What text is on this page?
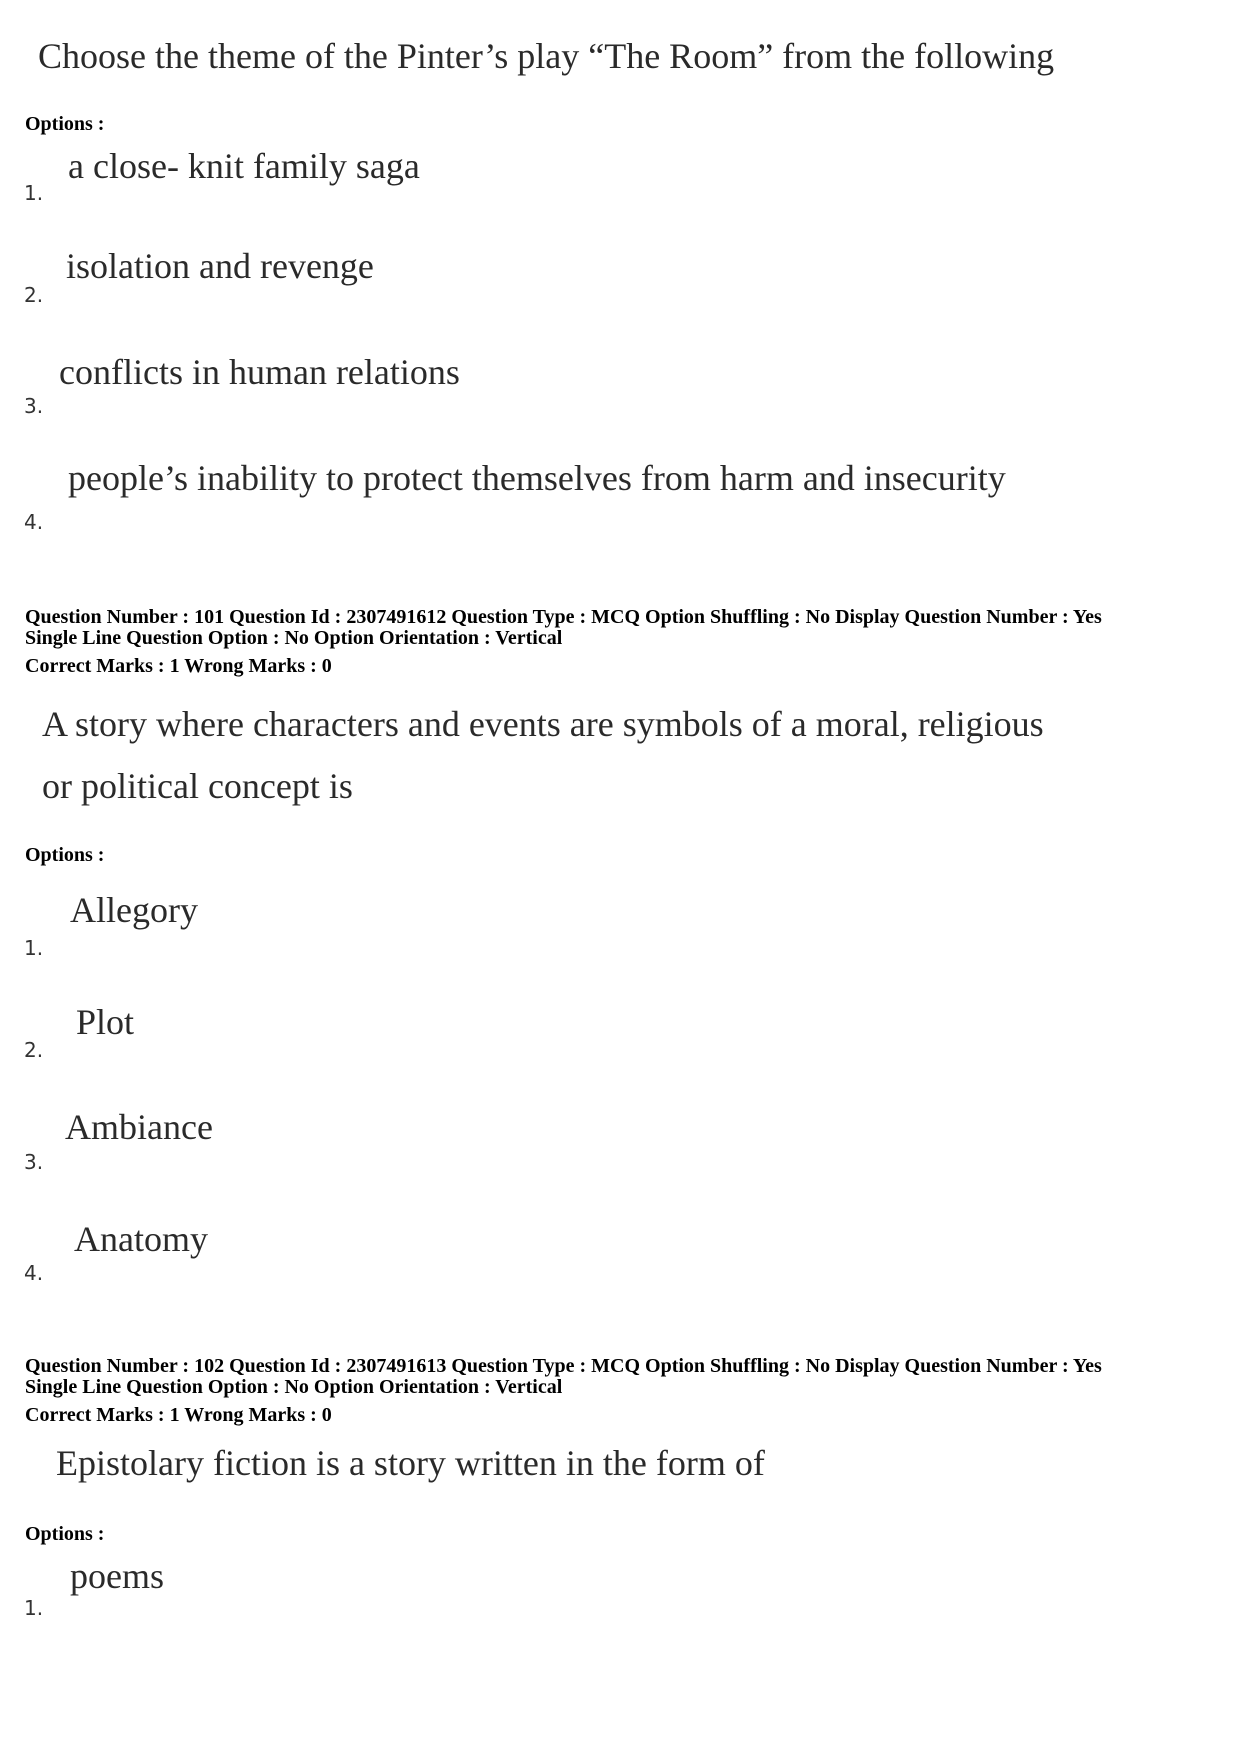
Choose the theme of the Pinter’s play “The Room” from the following
Options :
a close- knit family saga
1.
isolation and revenge
2.
conflicts in human relations
3.
people’s inability to protect themselves from harm and insecurity
4.
Question Number : 101 Question Id : 2307491612 Question Type : MCQ Option Shuffling : No Display Question Number : Yes
Single Line Question Option : No Option Orientation : Vertical
Correct Marks : 1 Wrong Marks : 0
A story where characters and events are symbols of a moral, religious
or political concept is
Options :
Allegory
1.
Plot
2.
Ambiance
3.
Anatomy
4.
Question Number : 102 Question Id : 2307491613 Question Type : MCQ Option Shuffling : No Display Question Number : Yes
Single Line Question Option : No Option Orientation : Vertical
Correct Marks : 1 Wrong Marks : 0
Epistolary fiction is a story written in the form of
Options :
poems
1.
